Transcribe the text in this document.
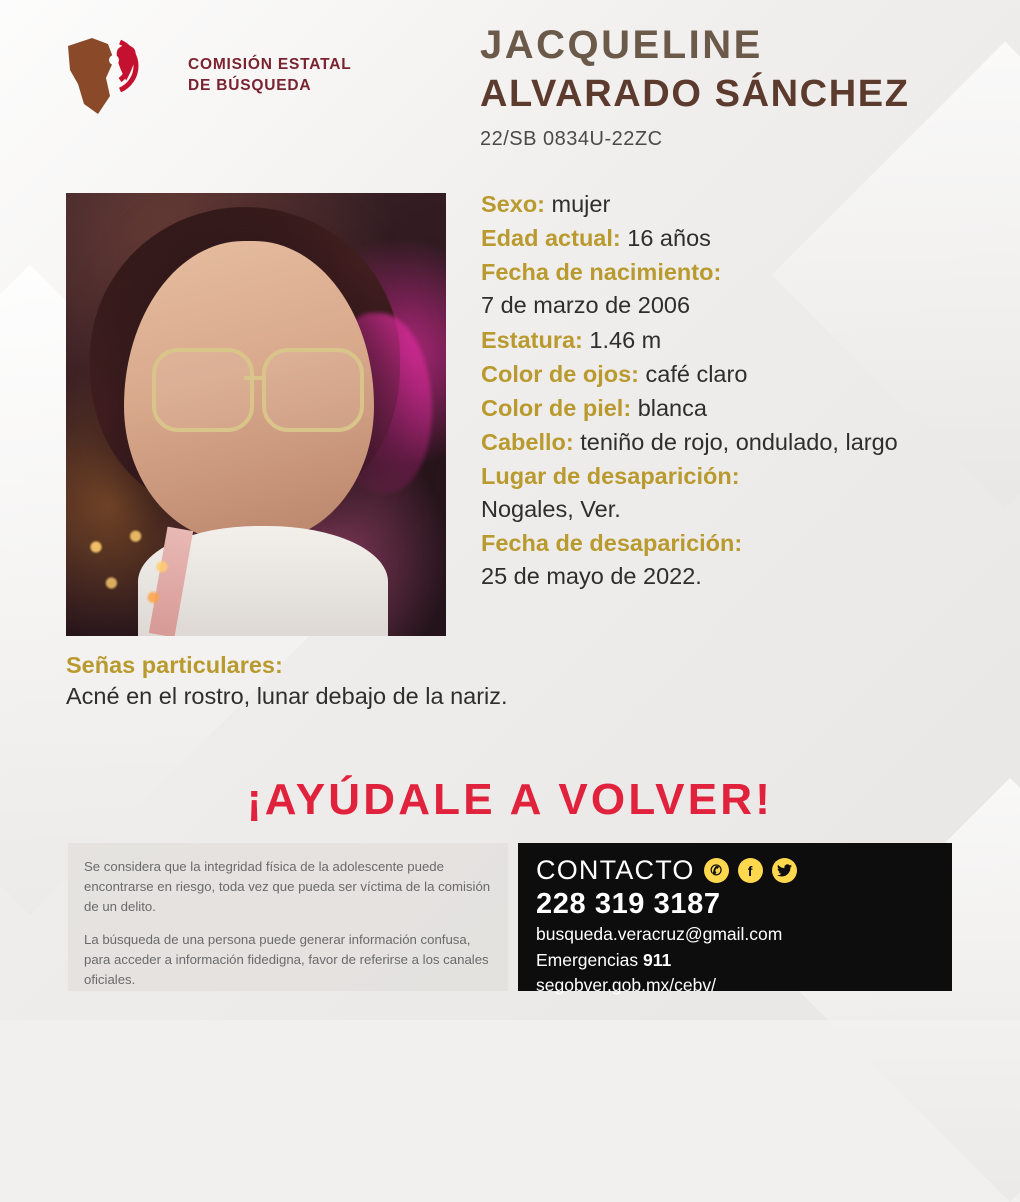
COMISIÓN ESTATAL
DE BÚSQUEDA
JACQUELINE
ALVARADO SÁNCHEZ
22/SB 0834U-22ZC
Sexo: mujer
Edad actual: 16 años
Fecha de nacimiento:
7 de marzo de 2006
Estatura: 1.46 m
Color de ojos: café claro
Color de piel: blanca
Cabello: teniño de rojo, ondulado, largo
Lugar de desaparición:
Nogales, Ver.
Fecha de desaparición:
25 de mayo de 2022.
Señas particulares:
Acné en el rostro, lunar debajo de la nariz.
¡AYÚDALE A VOLVER!

Se considera que la integridad física de la adolescente puede encontrarse en riesgo, toda vez que pueda ser víctima de la comisión de un delito.

La búsqueda de una persona puede generar información confusa, para acceder a información fidedigna, favor de referirse a los canales oficiales.

CONTACTO	✆	f
228 319 3187
busqueda.veracruz@gmail.com
Emergencias 911
segobver.gob.mx/cebv/
